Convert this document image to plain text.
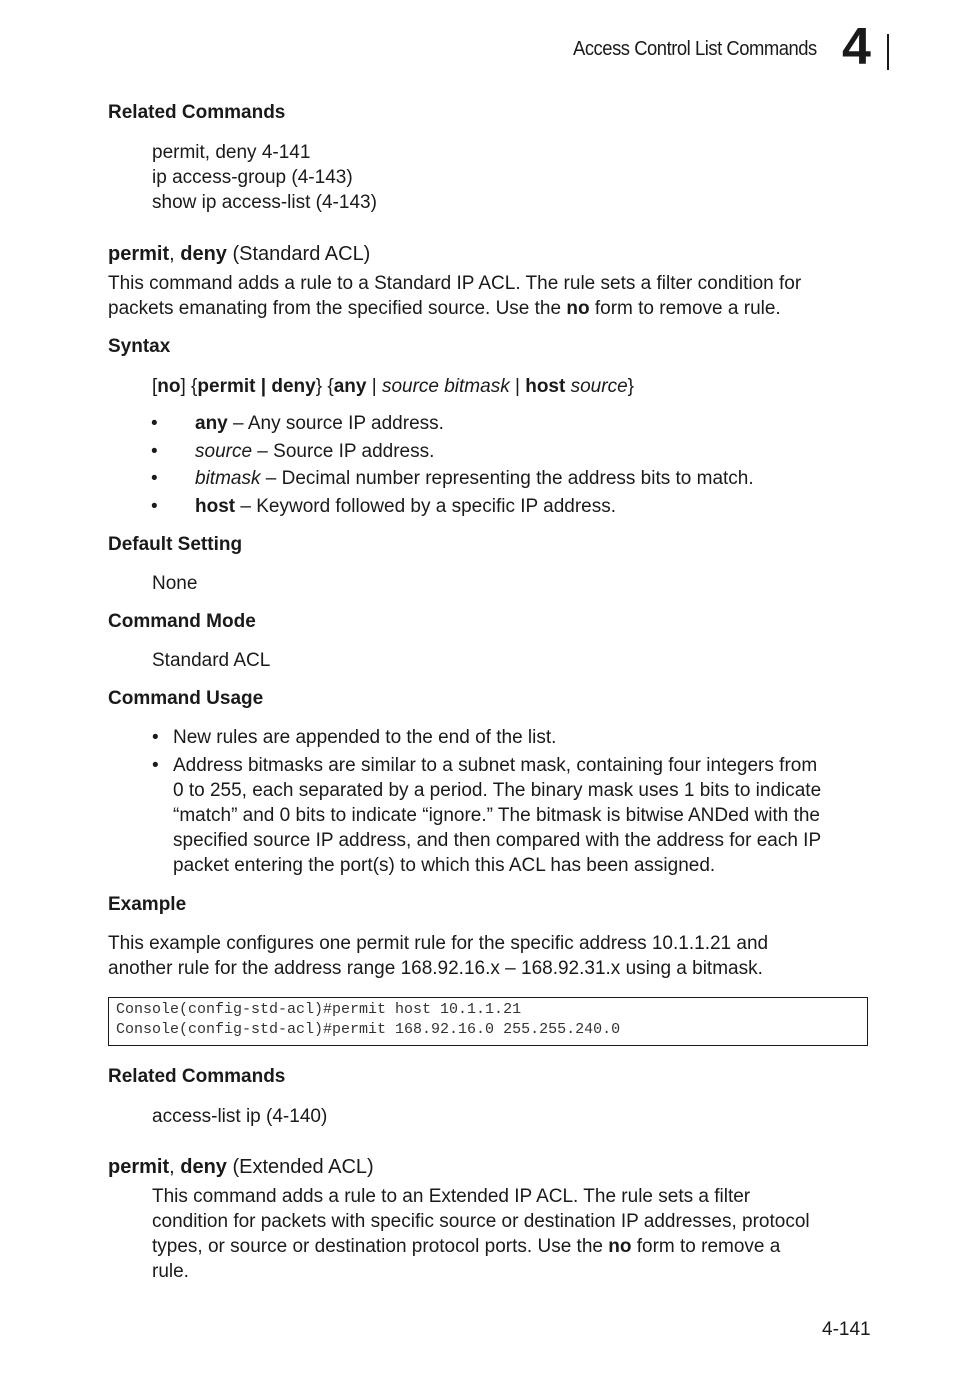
Access Control List Commands 4
Related Commands
permit, deny 4-141
ip access-group (4-143)
show ip access-list (4-143)
permit, deny (Standard ACL)
This command adds a rule to a Standard IP ACL. The rule sets a filter condition for
packets emanating from the specified source. Use the no form to remove a rule.
Syntax
[no] {permit | deny} {any | source bitmask | host source}
• any – Any source IP address.
• source – Source IP address.
• bitmask – Decimal number representing the address bits to match.
• host – Keyword followed by a specific IP address.
Default Setting
None
Command Mode
Standard ACL
Command Usage
• New rules are appended to the end of the list.
• Address bitmasks are similar to a subnet mask, containing four integers from
0 to 255, each separated by a period. The binary mask uses 1 bits to indicate
“match” and 0 bits to indicate “ignore.” The bitmask is bitwise ANDed with the
specified source IP address, and then compared with the address for each IP
packet entering the port(s) to which this ACL has been assigned.
Example
This example configures one permit rule for the specific address 10.1.1.21 and
another rule for the address range 168.92.16.x – 168.92.31.x using a bitmask.
Console(config-std-acl)#permit host 10.1.1.21
Console(config-std-acl)#permit 168.92.16.0 255.255.240.0
Related Commands
access-list ip (4-140)
permit, deny (Extended ACL)
This command adds a rule to an Extended IP ACL. The rule sets a filter
condition for packets with specific source or destination IP addresses, protocol
types, or source or destination protocol ports. Use the no form to remove a
rule.
4-141
